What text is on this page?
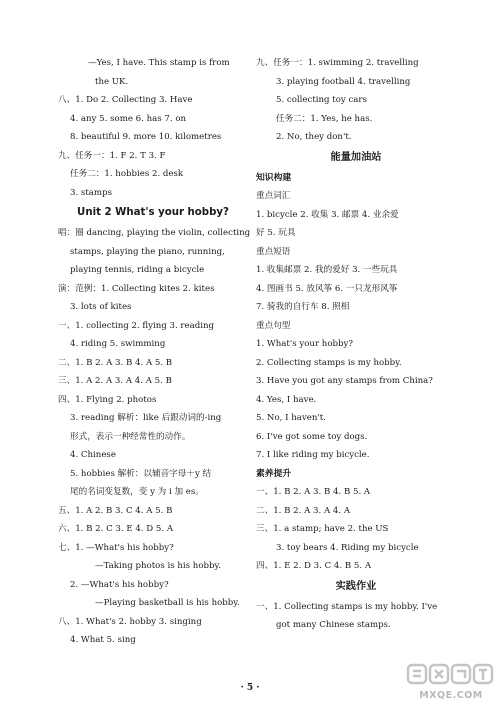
—Yes, I have. This stamp is from
the UK.
八、1. Do 2. Collecting 3. Have
4. any 5. some 6. has 7. on
8. beautiful 9. more 10. kilometres
九、任务一：1. F 2. T 3. F
任务二：1. hobbies 2. desk
3. stamps
Unit 2 What's your hobby?
唱：圈 dancing, playing the violin, collecting
stamps, playing the piano, running,
playing tennis, riding a bicycle
演：范例：1. Collecting kites 2. kites
3. lots of kites
一、1. collecting 2. flying 3. reading
4. riding 5. swimming
二、1. B 2. A 3. B 4. A 5. B
三、1. A 2. A 3. A 4. A 5. B
四、1. Flying 2. photos
3. reading 解析：like 后跟动词的-ing
形式，表示一种经常性的动作。
4. Chinese
5. hobbies 解析：以辅音字母＋y 结
尾的名词变复数，变 y 为 i 加 es。
五、1. A 2. B 3. C 4. A 5. B
六、1. B 2. C 3. E 4. D 5. A
七、1. —What's his hobby?
—Taking photos is his hobby.
2. —What's his hobby?
—Playing basketball is his hobby.
八、1. What's 2. hobby 3. singing
4. What 5. sing
九、任务一：1. swimming 2. travelling
3. playing football 4. travelling
5. collecting toy cars
任务二：1. Yes, he has.
2. No, they don't.
能量加油站
知识构建
重点词汇
1. bicycle 2. 收集 3. 邮票 4. 业余爱
好 5. 玩具
重点短语
1. 收集邮票 2. 我的爱好 3. 一些玩具
4. 图画书 5. 放风筝 6. 一只龙形风筝
7. 骑我的自行车 8. 照相
重点句型
1. What's your hobby?
2. Collecting stamps is my hobby.
3. Have you got any stamps from China?
4. Yes, I have.
5. No, I haven't.
6. I've got some toy dogs.
7. I like riding my bicycle.
素养提升
一、1. B 2. A 3. B 4. B 5. A
二、1. B 2. A 3. A 4. A
三、1. a stamp; have 2. the US
3. toy bears 4. Riding my bicycle
四、1. E 2. D 3. C 4. B 5. A
实践作业
一、1. Collecting stamps is my hobby. I've
got many Chinese stamps.
· 5 ·
MXQE.COM
